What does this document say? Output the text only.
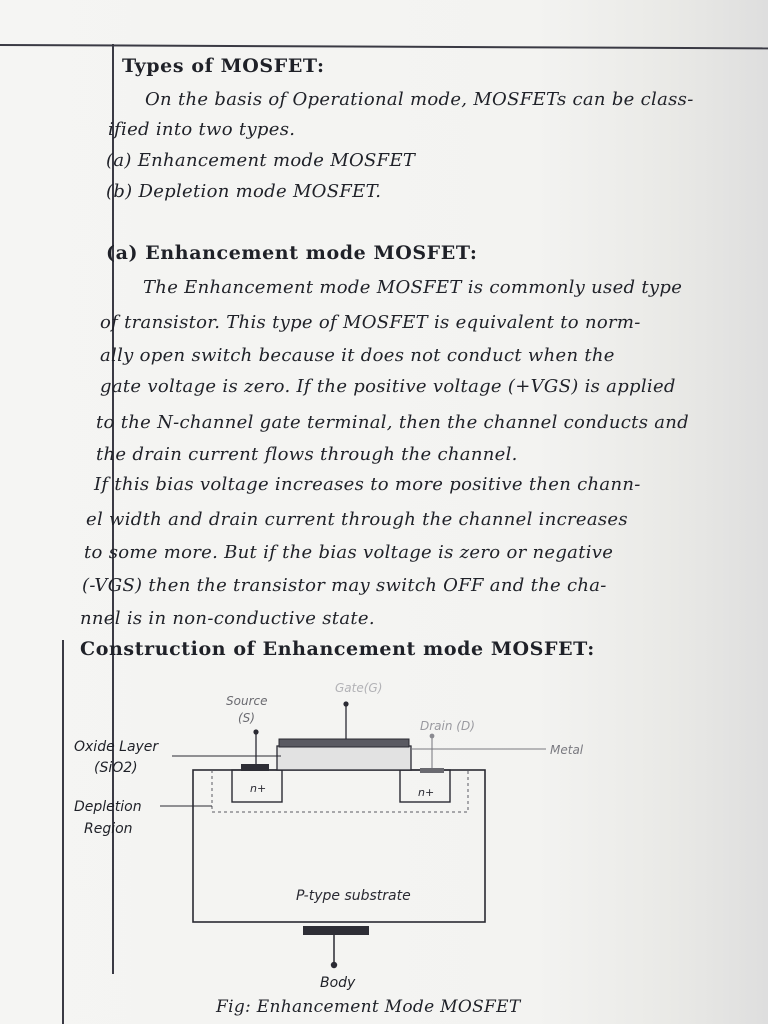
Types of MOSFET:
On the basis of Operational mode, MOSFETs can be class-
ified into two types.
(a) Enhancement mode MOSFET
(b) Depletion mode MOSFET.
(a) Enhancement mode MOSFET:
The Enhancement mode MOSFET is commonly used type
of transistor. This type of MOSFET is equivalent to norm-
ally open switch because it does not conduct when the
gate voltage is zero. If the positive voltage (+VGS) is applied
to the N-channel gate terminal, then the channel conducts and
the drain current flows through the channel.
If this bias voltage increases to more positive then chann-
el width and drain current through the channel increases
to some more. But if the bias voltage is zero or negative
(-VGS) then the transistor may switch OFF and the cha-
nnel is in non-conductive state.
Construction of Enhancement mode MOSFET:
Gate(G)
Source
(S)
Drain (D)
Metal
Oxide Layer
(SiO2)
Depletion
Region
n+	n+
P-type substrate
Body
Fig: Enhancement Mode MOSFET
